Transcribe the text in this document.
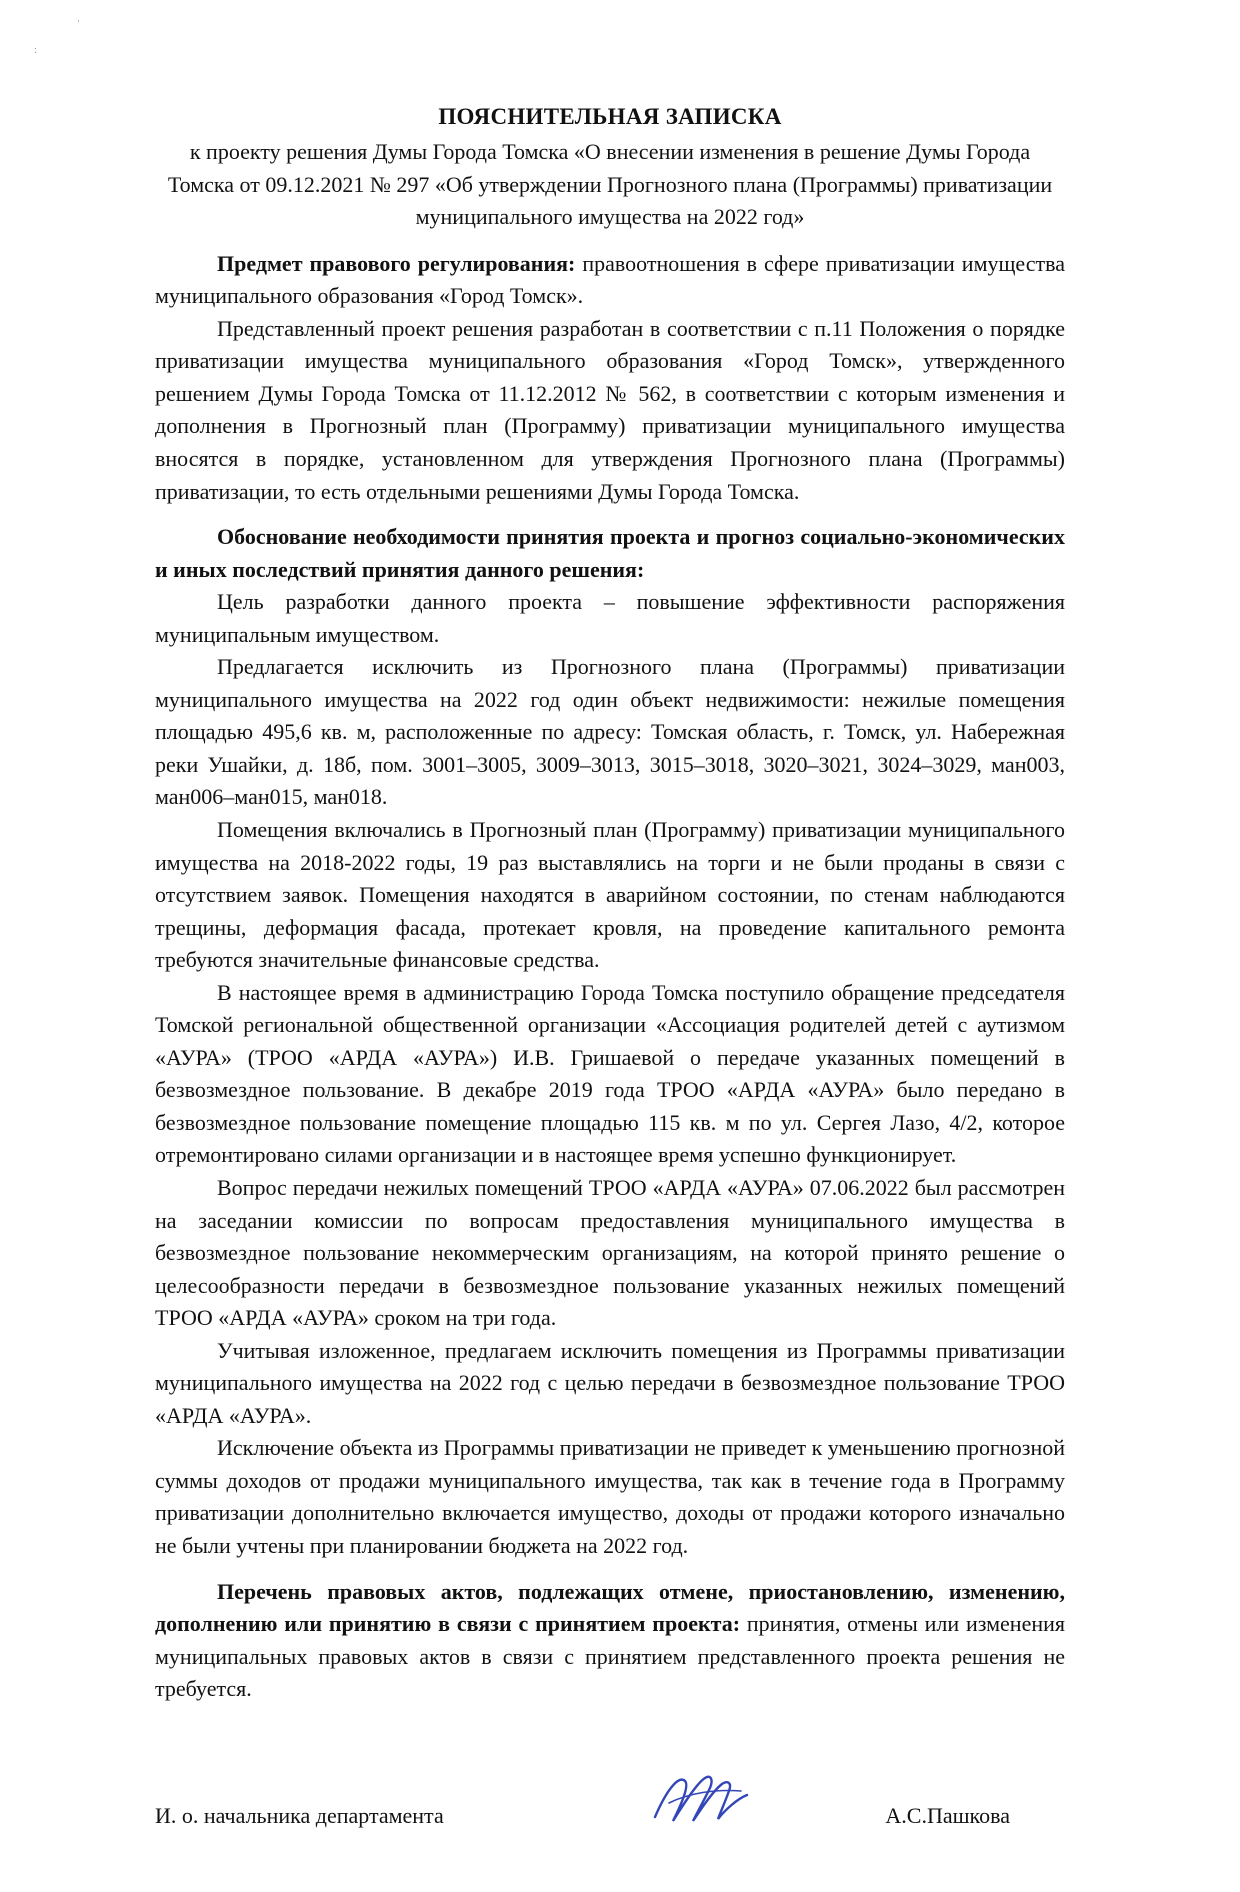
`
:
ПОЯСНИТЕЛЬНАЯ ЗАПИСКА

к проекту решения Думы Города Томска «О внесении изменения в решение Думы Города Томска от 09.12.2021 № 297 «Об утверждении Прогнозного плана (Программы) приватизации муниципального имущества на 2022 год»

Предмет правового регулирования: правоотношения в сфере приватизации имущества муниципального образования «Город Томск».

Представленный проект решения разработан в соответствии с п.11 Положения о порядке приватизации имущества муниципального образования «Город Томск», утвержденного решением Думы Города Томска от 11.12.2012 № 562, в соответствии с которым изменения и дополнения в Прогнозный план (Программу) приватизации муниципального имущества вносятся в порядке, установленном для утверждения Прогнозного плана (Программы) приватизации, то есть отдельными решениями Думы Города Томска.

Обоснование необходимости принятия проекта и прогноз социально-экономических и иных последствий принятия данного решения:

Цель разработки данного проекта – повышение эффективности распоряжения муниципальным имуществом.

Предлагается исключить из Прогнозного плана (Программы) приватизации муниципального имущества на 2022 год один объект недвижимости: нежилые помещения площадью 495,6 кв. м, расположенные по адресу: Томская область, г. Томск, ул. Набережная реки Ушайки, д. 18б, пом. 3001–3005, 3009–3013, 3015–3018, 3020–3021, 3024–3029, ман003, ман006–ман015, ман018.

Помещения включались в Прогнозный план (Программу) приватизации муниципального имущества на 2018-2022 годы, 19 раз выставлялись на торги и не были проданы в связи с отсутствием заявок. Помещения находятся в аварийном состоянии, по стенам наблюдаются трещины, деформация фасада, протекает кровля, на проведение капитального ремонта требуются значительные финансовые средства.

В настоящее время в администрацию Города Томска поступило обращение председателя Томской региональной общественной организации «Ассоциация родителей детей с аутизмом «АУРА» (ТРОО «АРДА «АУРА») И.В. Гришаевой о передаче указанных помещений в безвозмездное пользование. В декабре 2019 года ТРОО «АРДА «АУРА» было передано в безвозмездное пользование помещение площадью 115 кв. м по ул. Сергея Лазо, 4/2, которое отремонтировано силами организации и в настоящее время успешно функционирует.

Вопрос передачи нежилых помещений ТРОО «АРДА «АУРА» 07.06.2022 был рассмотрен на заседании комиссии по вопросам предоставления муниципального имущества в безвозмездное пользование некоммерческим организациям, на которой принято решение о целесообразности передачи в безвозмездное пользование указанных нежилых помещений ТРОО «АРДА «АУРА» сроком на три года.

Учитывая изложенное, предлагаем исключить помещения из Программы приватизации муниципального имущества на 2022 год с целью передачи в безвозмездное пользование ТРОО «АРДА «АУРА».

Исключение объекта из Программы приватизации не приведет к уменьшению прогнозной суммы доходов от продажи муниципального имущества, так как в течение года в Программу приватизации дополнительно включается имущество, доходы от продажи которого изначально не были учтены при планировании бюджета на 2022 год.

Перечень правовых актов, подлежащих отмене, приостановлению, изменению, дополнению или принятию в связи с принятием проекта: принятия, отмены или изменения муниципальных правовых актов в связи с принятием представленного проекта решения не требуется.

И. о. начальника департамента	А.С.Пашкова
